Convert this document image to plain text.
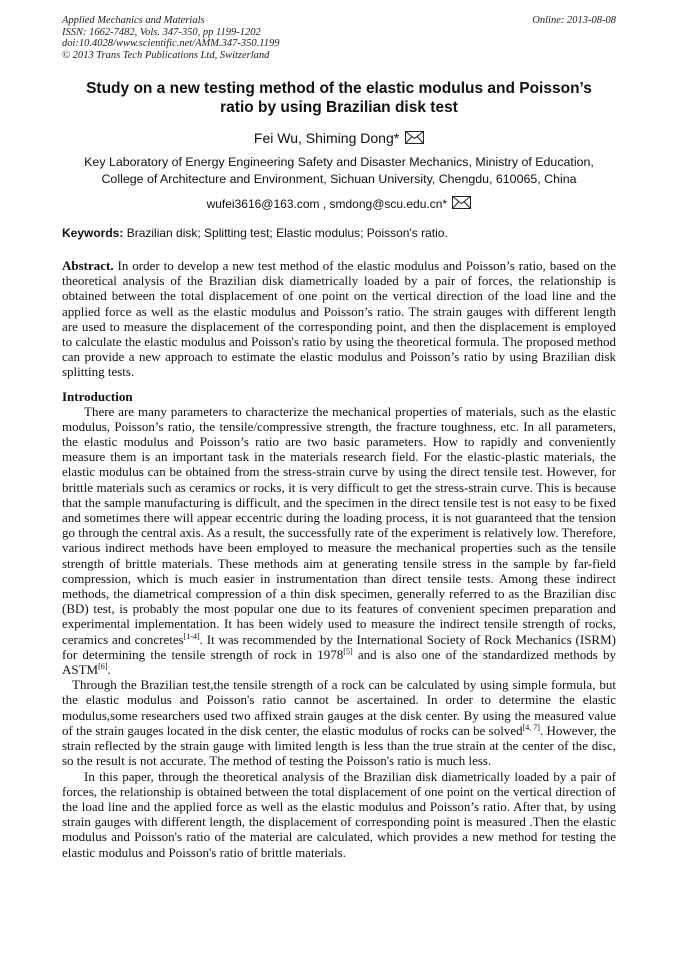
Applied Mechanics and Materials
ISSN: 1662-7482, Vols. 347-350, pp 1199-1202
doi:10.4028/www.scientific.net/AMM.347-350.1199
© 2013 Trans Tech Publications Ltd, Switzerland
Online: 2013-08-08
Study on a new testing method of the elastic modulus and Poisson’s ratio by using Brazilian disk test
Fei Wu, Shiming Dong*
Key Laboratory of Energy Engineering Safety and Disaster Mechanics, Ministry of Education,
College of Architecture and Environment, Sichuan University, Chengdu, 610065, China
wufei3616@163.com , smdong@scu.edu.cn*
Keywords: Brazilian disk; Splitting test; Elastic modulus; Poisson's ratio.
Abstract. In order to develop a new test method of the elastic modulus and Poisson’s ratio, based on the theoretical analysis of the Brazilian disk diametrically loaded by a pair of forces, the relationship is obtained between the total displacement of one point on the vertical direction of the load line and the applied force as well as the elastic modulus and Poisson’s ratio. The strain gauges with different length are used to measure the displacement of the corresponding point, and then the displacement is employed to calculate the elastic modulus and Poisson's ratio by using the theoretical formula. The proposed method can provide a new approach to estimate the elastic modulus and Poisson’s ratio by using Brazilian disk splitting tests.
Introduction

There are many parameters to characterize the mechanical properties of materials, such as the elastic modulus, Poisson’s ratio, the tensile/compressive strength, the fracture toughness, etc. In all parameters, the elastic modulus and Poisson’s ratio are two basic parameters. How to rapidly and conveniently measure them is an important task in the materials research field. For the elastic-plastic materials, the elastic modulus can be obtained from the stress-strain curve by using the direct tensile test. However, for brittle materials such as ceramics or rocks, it is very difficult to get the stress-strain curve. This is because that the sample manufacturing is difficult, and the specimen in the direct tensile test is not easy to be fixed and sometimes there will appear eccentric during the loading process, it is not guaranteed that the tension go through the central axis. As a result, the successfully rate of the experiment is relatively low. Therefore, various indirect methods have been employed to measure the mechanical properties such as the tensile strength of brittle materials. These methods aim at generating tensile stress in the sample by far-field compression, which is much easier in instrumentation than direct tensile tests. Among these indirect methods, the diametrical compression of a thin disk specimen, generally referred to as the Brazilian disc (BD) test, is probably the most popular one due to its features of convenient specimen preparation and experimental implementation. It has been widely used to measure the indirect tensile strength of rocks, ceramics and concretes[1-4]. It was recommended by the International Society of Rock Mechanics (ISRM) for determining the tensile strength of rock in 1978[5] and is also one of the standardized methods by ASTM[6].

Through the Brazilian test,the tensile strength of a rock can be calculated by using simple formula, but the elastic modulus and Poisson's ratio cannot be ascertained. In order to determine the elastic modulus,some researchers used two affixed strain gauges at the disk center. By using the measured value of the strain gauges located in the disk center, the elastic modulus of rocks can be solved[4, 7]. However, the strain reflected by the strain gauge with limited length is less than the true strain at the center of the disc, so the result is not accurate. The method of testing the Poisson's ratio is much less.

In this paper, through the theoretical analysis of the Brazilian disk diametrically loaded by a pair of forces, the relationship is obtained between the total displacement of one point on the vertical direction of the load line and the applied force as well as the elastic modulus and Poisson’s ratio. After that, by using strain gauges with different length, the displacement of corresponding point is measured .Then the elastic modulus and Poisson's ratio of the material are calculated, which provides a new method for testing the elastic modulus and Poisson's ratio of brittle materials.
